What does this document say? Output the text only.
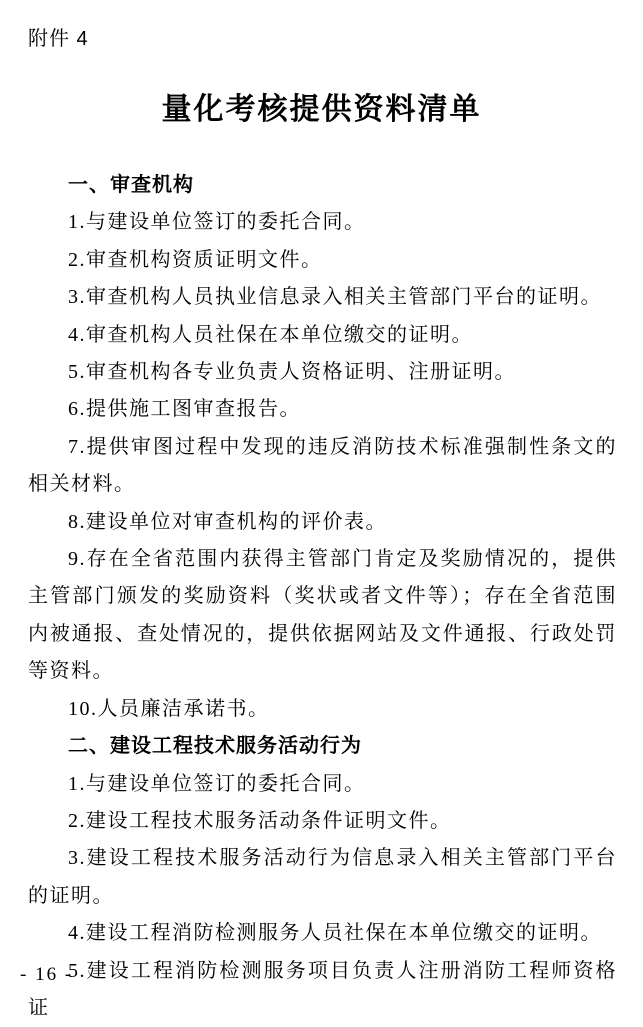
附件 4
量化考核提供资料清单
一、审查机构

1.与建设单位签订的委托合同。

2.审查机构资质证明文件。

3.审查机构人员执业信息录入相关主管部门平台的证明。

4.审查机构人员社保在本单位缴交的证明。

5.审查机构各专业负责人资格证明、注册证明。

6.提供施工图审查报告。

7.提供审图过程中发现的违反消防技术标准强制性条文的相关材料。

8.建设单位对审查机构的评价表。

9.存在全省范围内获得主管部门肯定及奖励情况的，提供主管部门颁发的奖励资料（奖状或者文件等）；存在全省范围内被通报、查处情况的，提供依据网站及文件通报、行政处罚等资料。

10.人员廉洁承诺书。

二、建设工程技术服务活动行为

1.与建设单位签订的委托合同。

2.建设工程技术服务活动条件证明文件。

3.建设工程技术服务活动行为信息录入相关主管部门平台的证明。

4.建设工程消防检测服务人员社保在本单位缴交的证明。

5.建设工程消防检测服务项目负责人注册消防工程师资格证

- 16 -
